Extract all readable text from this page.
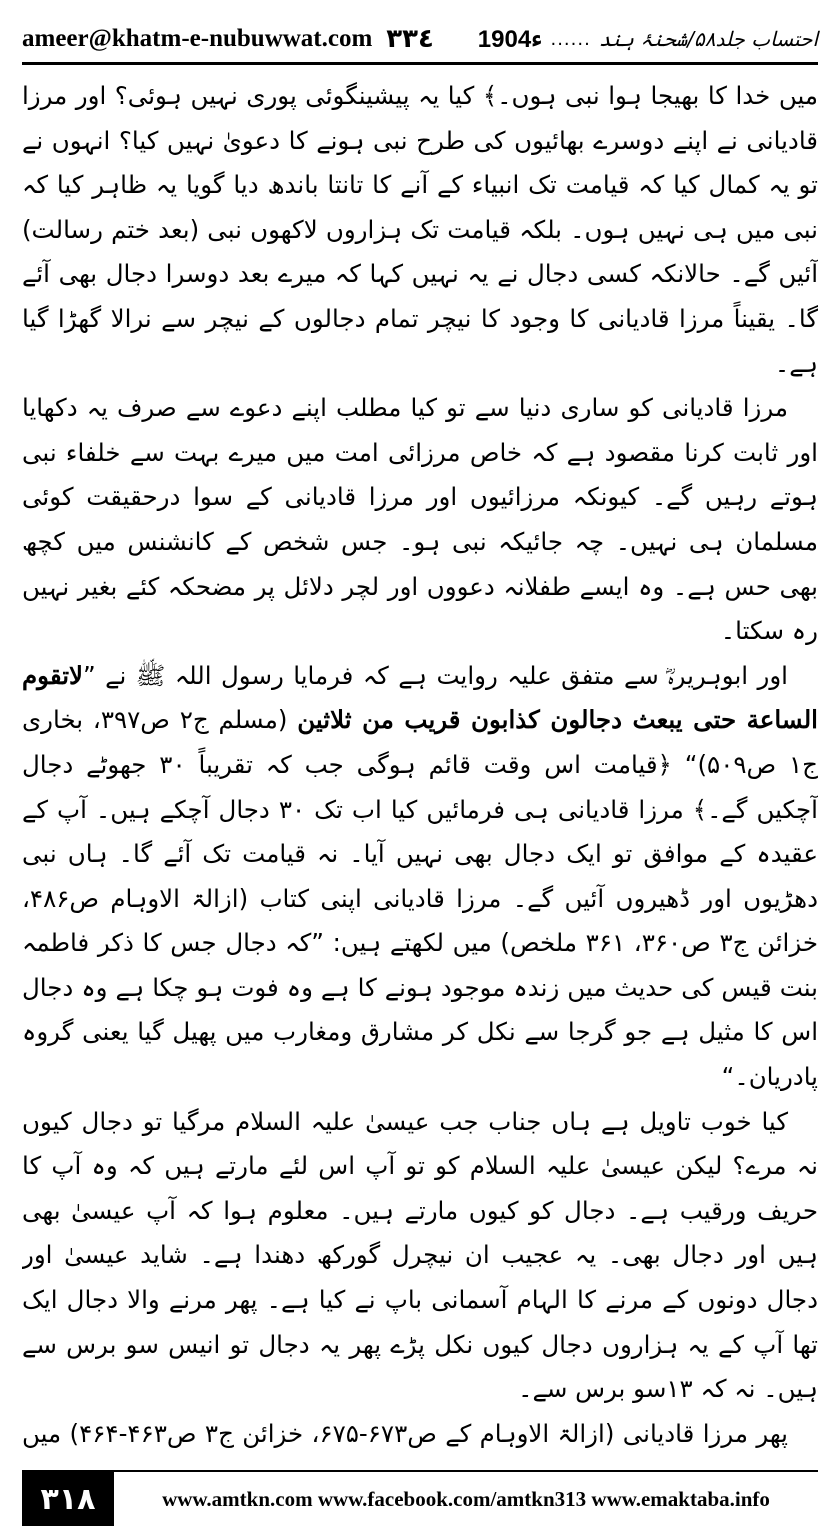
ameer@khatm-e-nubuwwat.com ٣٣٤	احتساب جلد۵۸/شحنۂ ہند
......
1904ء

میں خدا کا بھیجا ہوا نبی ہوں۔﴾ کیا یہ پیشینگوئی پوری نہیں ہوئی؟ اور مرزا قادیانی نے اپنے دوسرے بھائیوں کی طرح نبی ہونے کا دعویٰ نہیں کیا؟ انہوں نے تو یہ کمال کیا کہ قیامت تک انبیاء کے آنے کا تانتا باندھ دیا گویا یہ ظاہر کیا کہ نبی میں ہی نہیں ہوں۔ بلکہ قیامت تک ہزاروں لاکھوں نبی (بعد ختم رسالت) آئیں گے۔ حالانکہ کسی دجال نے یہ نہیں کہا کہ میرے بعد دوسرا دجال بھی آئے گا۔ یقیناً مرزا قادیانی کا وجود کا نیچر تمام دجالوں کے نیچر سے نرالا گھڑا گیا ہے۔

مرزا قادیانی کو ساری دنیا سے تو کیا مطلب اپنے دعوے سے صرف یہ دکھایا اور ثابت کرنا مقصود ہے کہ خاص مرزائی امت میں میرے بہت سے خلفاء نبی ہوتے رہیں گے۔ کیونکہ مرزائیوں اور مرزا قادیانی کے سوا درحقیقت کوئی مسلمان ہی نہیں۔ چہ جائیکہ نبی ہو۔ جس شخص کے کانشنس میں کچھ بھی حس ہے۔ وہ ایسے طفلانہ دعووں اور لچر دلائل پر مضحکہ کئے بغیر نہیں رہ سکتا۔

اور ابوہریرہؓ سے متفق علیہ روایت ہے کہ فرمایا رسول اللہ ﷺ نے ”لاتقوم الساعة حتی یبعث دجالون کذابون قریب من ثلاثین (مسلم ج۲ ص۳۹۷، بخاری ج۱ ص۵۰۹)“ ﴿قیامت اس وقت قائم ہوگی جب کہ تقریباً ۳۰ جھوٹے دجال آچکیں گے۔﴾ مرزا قادیانی ہی فرمائیں کیا اب تک ۳۰ دجال آچکے ہیں۔ آپ کے عقیدہ کے موافق تو ایک دجال بھی نہیں آیا۔ نہ قیامت تک آئے گا۔ ہاں نبی دھڑیوں اور ڈھیروں آئیں گے۔ مرزا قادیانی اپنی کتاب (ازالۃ الاوہام ص۴۸۶، خزائن ج۳ ص۳۶۰، ۳۶۱ ملخص) میں لکھتے ہیں: ”کہ دجال جس کا ذکر فاطمہ بنت قیس کی حدیث میں زندہ موجود ہونے کا ہے وہ فوت ہو چکا ہے وہ دجال اس کا مثیل ہے جو گرجا سے نکل کر مشارق ومغارب میں پھیل گیا یعنی گروہ پادریان۔“

کیا خوب تاویل ہے ہاں جناب جب عیسیٰ علیہ السلام مرگیا تو دجال کیوں نہ مرے؟ لیکن عیسیٰ علیہ السلام کو تو آپ اس لئے مارتے ہیں کہ وہ آپ کا حریف ورقیب ہے۔ دجال کو کیوں مارتے ہیں۔ معلوم ہوا کہ آپ عیسیٰ بھی ہیں اور دجال بھی۔ یہ عجیب ان نیچرل گورکھ دھندا ہے۔ شاید عیسیٰ اور دجال دونوں کے مرنے کا الہام آسمانی باپ نے کیا ہے۔ پھر مرنے والا دجال ایک تھا آپ کے یہ ہزاروں دجال کیوں نکل پڑے پھر یہ دجال تو انیس سو برس سے ہیں۔ نہ کہ ۱۳سو برس سے۔

پھر مرزا قادیانی (ازالۃ الاوہام کے ص۶۷۳-۶۷۵، خزائن ج۳ ص۴۶۳-۴۶۴) میں

٣١٨	www.amtkn.com www.facebook.com/amtkn313 www.emaktaba.info
